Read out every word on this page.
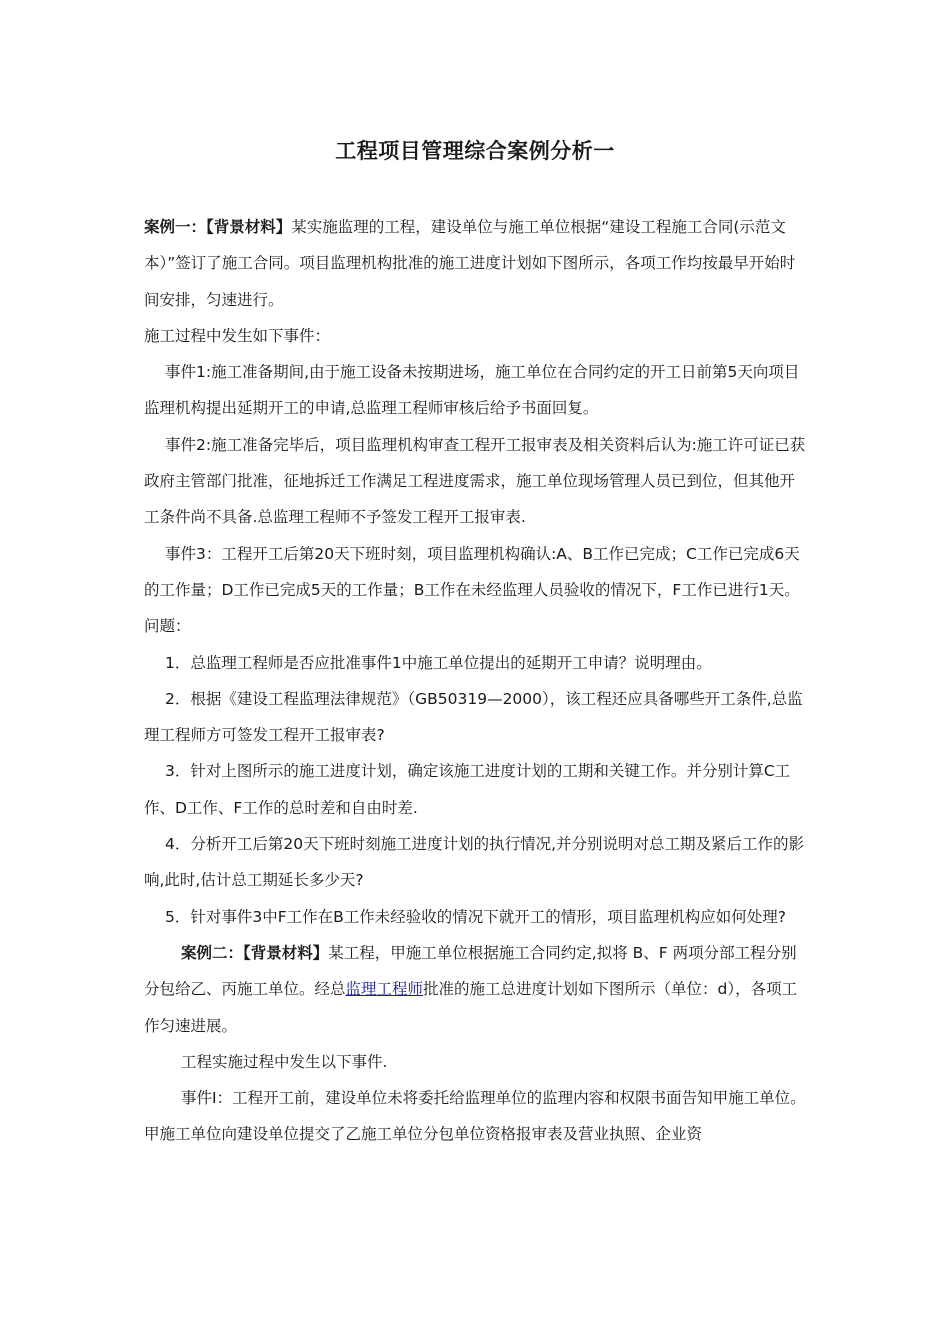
工程项目管理综合案例分析一

案例一：【背景材料】某实施监理的工程，建设单位与施工单位根据“建设工程施工合同(示范文本）”签订了施工合同。项目监理机构批准的施工进度计划如下图所示，各项工作均按最早开始时间安排，匀速进行。

施工过程中发生如下事件：

事件1:施工准备期间,由于施工设备未按期进场，施工单位在合同约定的开工日前第5天向项目监理机构提出延期开工的申请,总监理工程师审核后给予书面回复。

事件2:施工准备完毕后，项目监理机构审查工程开工报审表及相关资料后认为:施工许可证已获政府主管部门批准，征地拆迁工作满足工程进度需求，施工单位现场管理人员已到位，但其他开工条件尚不具备.总监理工程师不予签发工程开工报审表.

事件3：工程开工后第20天下班时刻，项目监理机构确认:A、B工作已完成；C工作已完成6天的工作量；D工作已完成5天的工作量；B工作在未经监理人员验收的情况下，F工作已进行1天。

问题：

1．总监理工程师是否应批准事件1中施工单位提出的延期开工申请？说明理由。

2．根据《建设工程监理法律规范》（GB50319—2000），该工程还应具备哪些开工条件,总监理工程师方可签发工程开工报审表?

3．针对上图所示的施工进度计划，确定该施工进度计划的工期和关键工作。并分别计算C工作、D工作、F工作的总时差和自由时差.

4．分析开工后第20天下班时刻施工进度计划的执行情况,并分别说明对总工期及紧后工作的影响,此时,估计总工期延长多少天?

5．针对事件3中F工作在B工作未经验收的情况下就开工的情形，项目监理机构应如何处理?

案例二：【背景材料】某工程，甲施工单位根据施工合同约定,拟将 B、F 两项分部工程分别分包给乙、丙施工单位。经总监理工程师批准的施工总进度计划如下图所示（单位：d），各项工作匀速进展。

工程实施过程中发生以下事件.

事件Ⅰ：工程开工前，建设单位未将委托给监理单位的监理内容和权限书面告知甲施工单位。甲施工单位向建设单位提交了乙施工单位分包单位资格报审表及营业执照、企业资
